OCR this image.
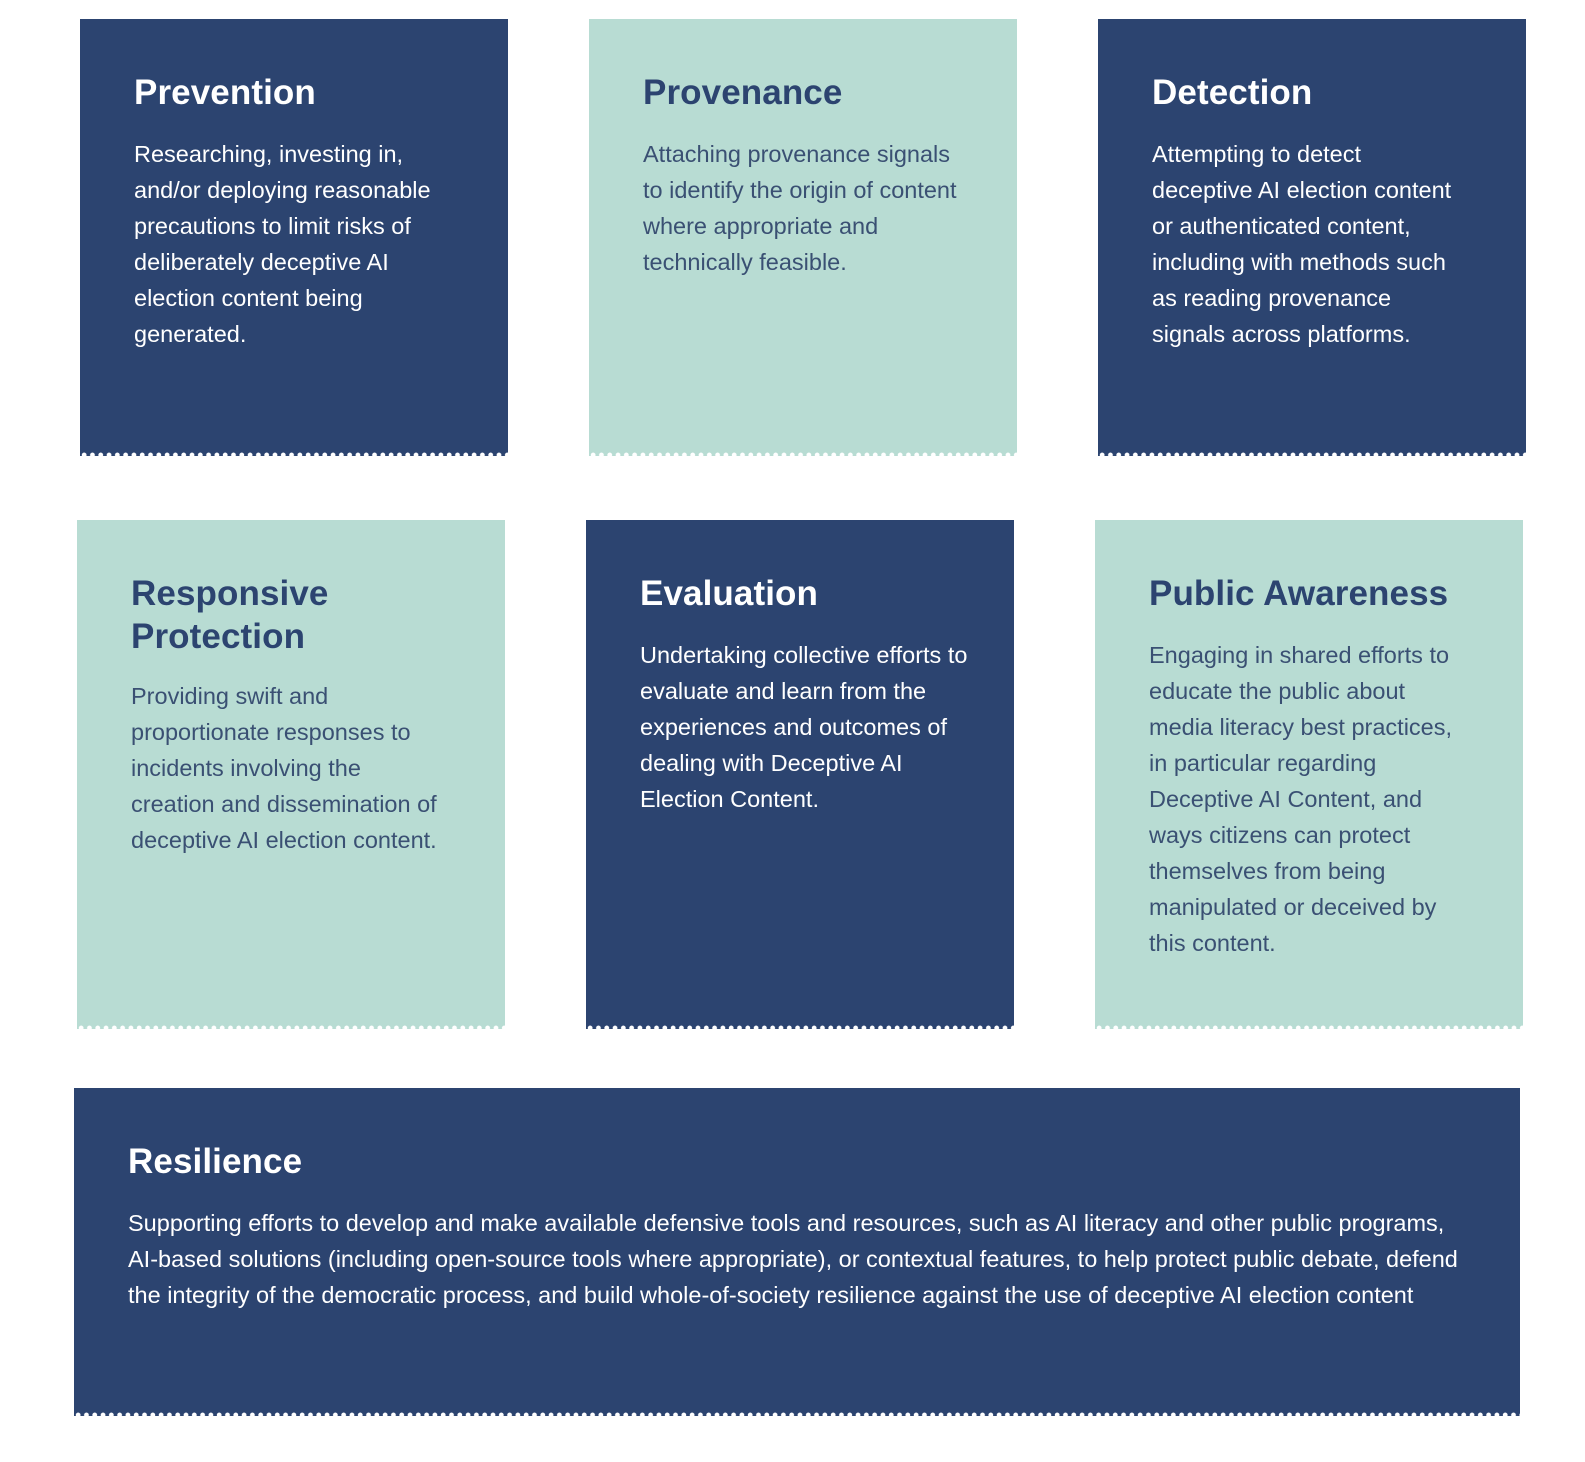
Prevention

Researching, investing in, and/or deploying reasonable precautions to limit risks of deliberately deceptive AI election content being generated.

Provenance

Attaching provenance signals to identify the origin of content where appropriate and technically feasible.

Detection

Attempting to detect deceptive AI election content or authenticated content, including with methods such as reading provenance signals across platforms.

Responsive Protection

Providing swift and proportionate responses to incidents involving the creation and dissemination of deceptive AI election content.

Evaluation

Undertaking collective efforts to evaluate and learn from the experiences and outcomes of dealing with Deceptive AI Election Content.

Public Awareness

Engaging in shared efforts to educate the public about media literacy best practices, in particular regarding Deceptive AI Content, and ways citizens can protect themselves from being manipulated or deceived by this content.

Resilience

Supporting efforts to develop and make available defensive tools and resources, such as AI literacy and other public programs, AI-based solutions (including open-source tools where appropriate), or contextual features, to help protect public debate, defend the integrity of the democratic process, and build whole-of-society resilience against the use of deceptive AI election content
